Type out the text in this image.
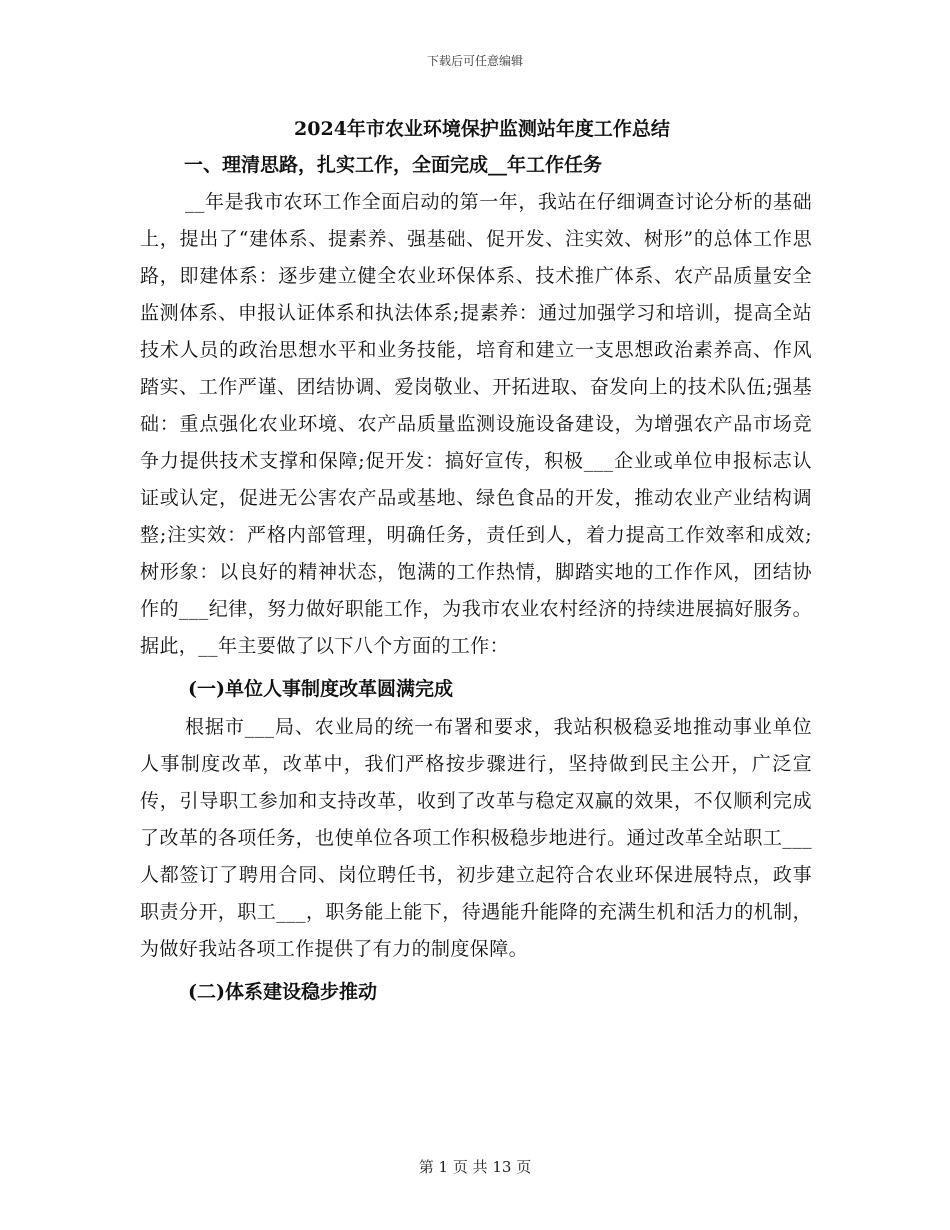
下载后可任意编辑
2024年市农业环境保护监测站年度工作总结
一、理清思路，扎实工作，全面完成__年工作任务

__年是我市农环工作全面启动的第一年，我站在仔细调查讨论分析的基础上，提出了“建体系、提素养、强基础、促开发、注实效、树形”的总体工作思路，即建体系：逐步建立健全农业环保体系、技术推广体系、农产品质量安全监测体系、申报认证体系和执法体系;提素养：通过加强学习和培训，提高全站技术人员的政治思想水平和业务技能，培育和建立一支思想政治素养高、作风踏实、工作严谨、团结协调、爱岗敬业、开拓进取、奋发向上的技术队伍;强基础：重点强化农业环境、农产品质量监测设施设备建设，为增强农产品市场竞争力提供技术支撑和保障;促开发：搞好宣传，积极___企业或单位申报标志认证或认定，促进无公害农产品或基地、绿色食品的开发，推动农业产业结构调整;注实效：严格内部管理，明确任务，责任到人，着力提高工作效率和成效;树形象：以良好的精神状态，饱满的工作热情，脚踏实地的工作作风，团结协作的___纪律，努力做好职能工作，为我市农业农村经济的持续进展搞好服务。据此，__年主要做了以下八个方面的工作：

(一)单位人事制度改革圆满完成

根据市___局、农业局的统一布署和要求，我站积极稳妥地推动事业单位人事制度改革，改革中，我们严格按步骤进行，坚持做到民主公开，广泛宣传，引导职工参加和支持改革，收到了改革与稳定双赢的效果，不仅顺利完成了改革的各项任务，也使单位各项工作积极稳步地进行。通过改革全站职工___人都签订了聘用合同、岗位聘任书，初步建立起符合农业环保进展特点，政事职责分开，职工___，职务能上能下，待遇能升能降的充满生机和活力的机制，为做好我站各项工作提供了有力的制度保障。

(二)体系建设稳步推动
第 1 页 共 13 页
